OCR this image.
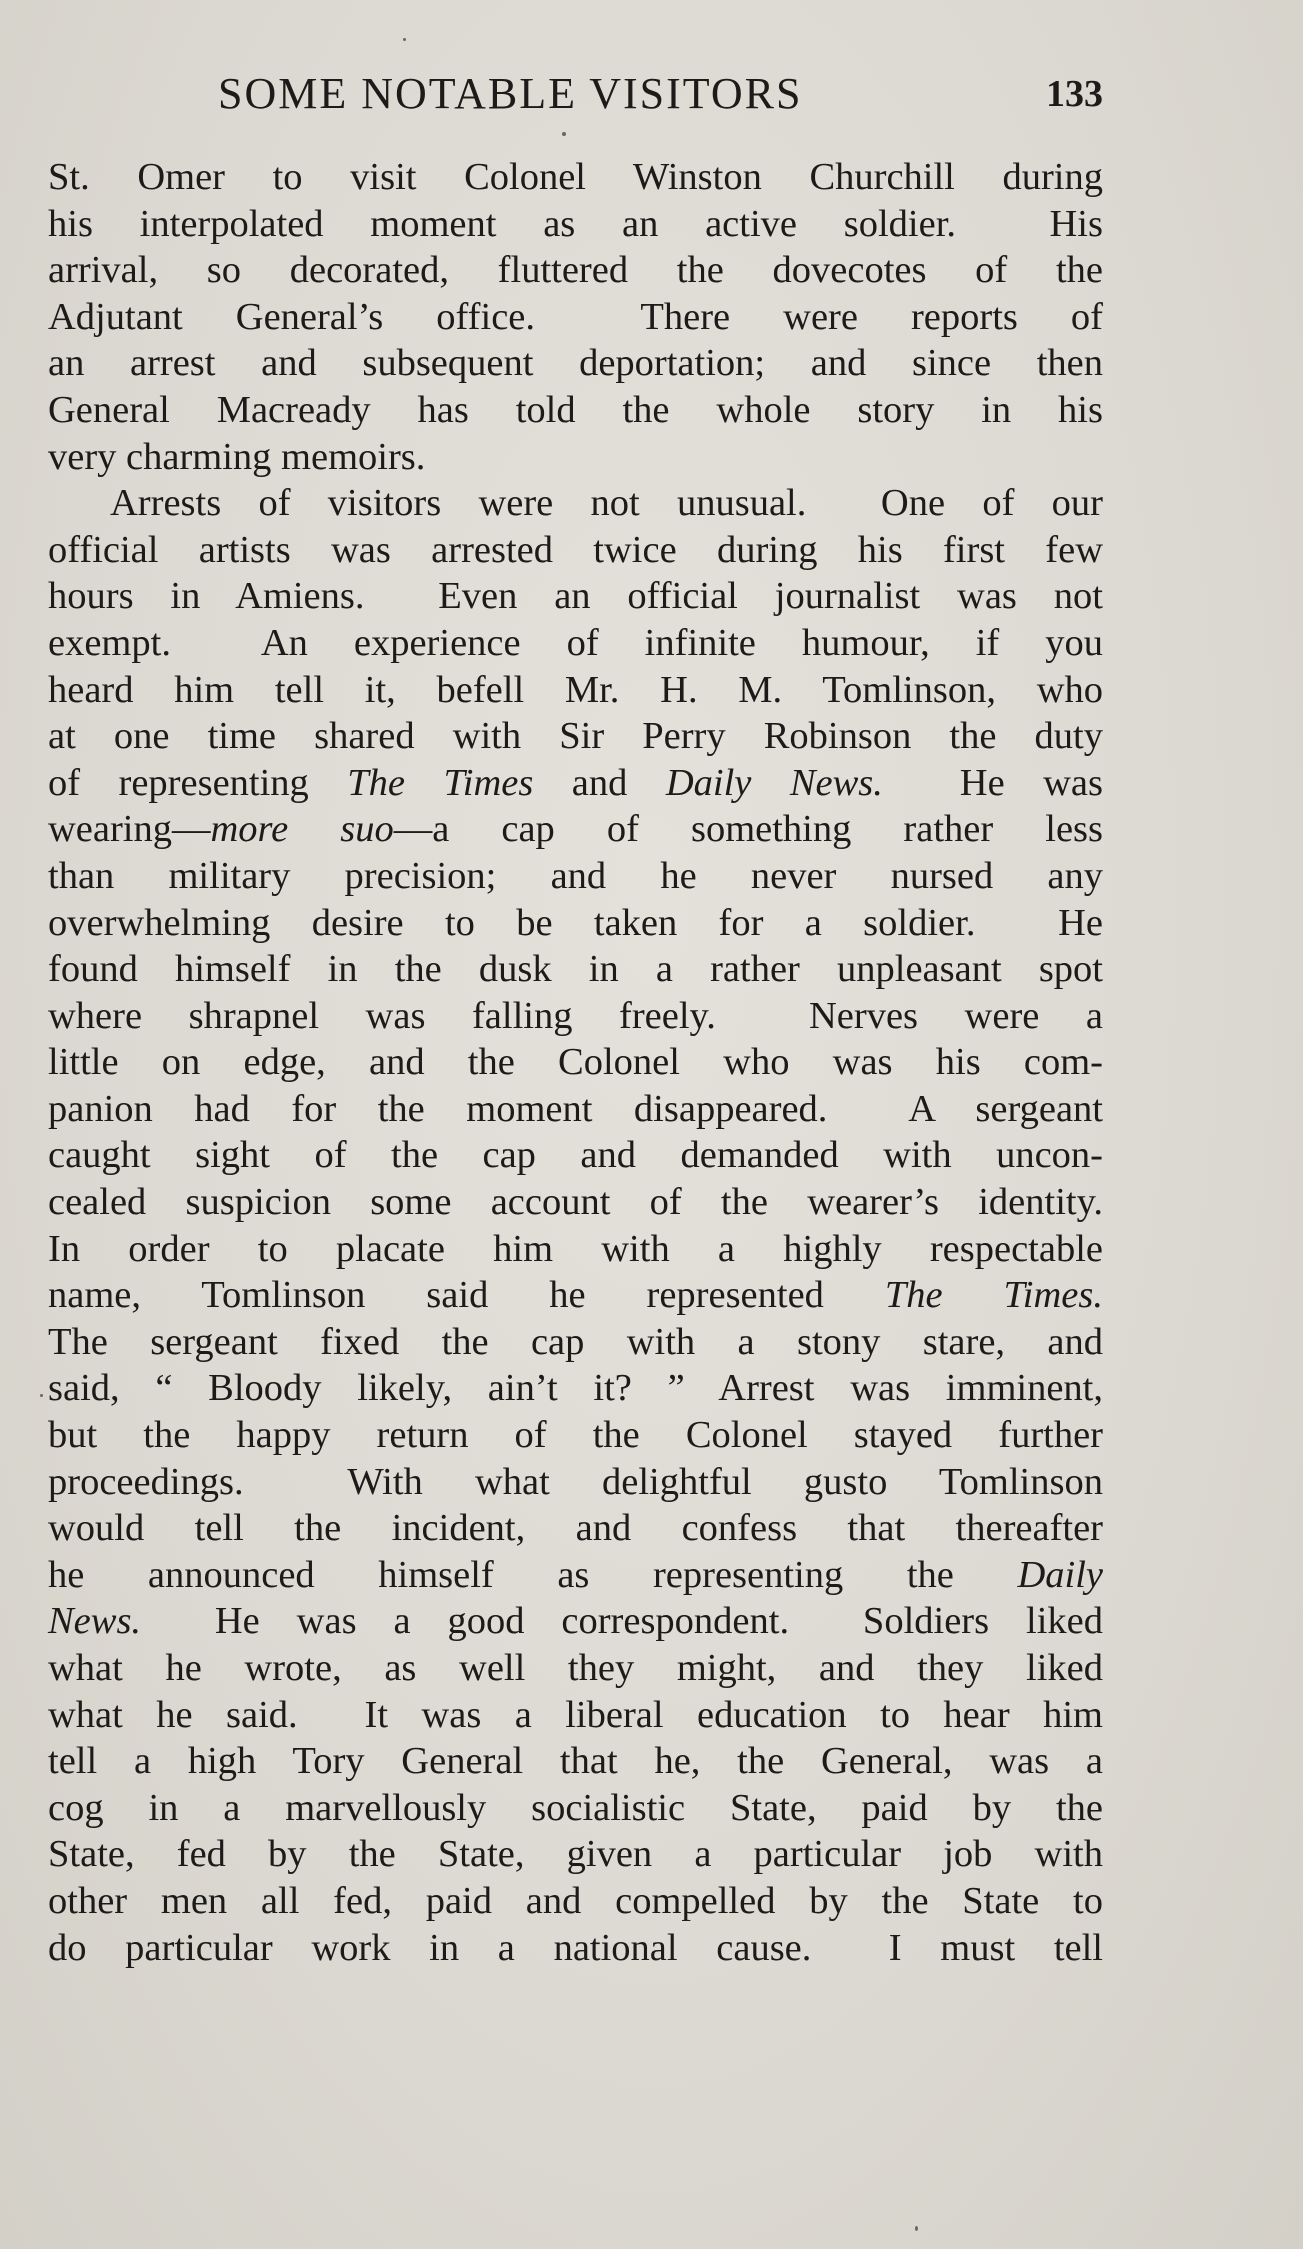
SOME NOTABLE VISITORS	133
St. Omer to visit Colonel Winston Churchill during
his interpolated moment as an active soldier.  His
arrival, so decorated, fluttered the dovecotes of the
Adjutant General’s office.  There were reports of
an arrest and subsequent deportation; and since then
General Macready has told the whole story in his
very charming memoirs.
Arrests of visitors were not unusual.  One of our
official artists was arrested twice during his first few
hours in Amiens.  Even an official journalist was not
exempt.  An experience of infinite humour, if you
heard him tell it, befell Mr. H. M. Tomlinson, who
at one time shared with Sir Perry Robinson the duty
of representing The Times and Daily News.  He was
wearing—more suo—a cap of something rather less
than military precision; and he never nursed any
overwhelming desire to be taken for a soldier.  He
found himself in the dusk in a rather unpleasant spot
where shrapnel was falling freely.  Nerves were a
little on edge, and the Colonel who was his com-
panion had for the moment disappeared.  A sergeant
caught sight of the cap and demanded with uncon-
cealed suspicion some account of the wearer’s identity.
In order to placate him with a highly respectable
name, Tomlinson said he represented The Times.
The sergeant fixed the cap with a stony stare, and
said, “ Bloody likely, ain’t it? ” Arrest was imminent,
but the happy return of the Colonel stayed further
proceedings.  With what delightful gusto Tomlinson
would tell the incident, and confess that thereafter
he announced himself as representing the Daily
News.  He was a good correspondent.  Soldiers liked
what he wrote, as well they might, and they liked
what he said.  It was a liberal education to hear him
tell a high Tory General that he, the General, was a
cog in a marvellously socialistic State, paid by the
State, fed by the State, given a particular job with
other men all fed, paid and compelled by the State to
do particular work in a national cause.  I must tell
